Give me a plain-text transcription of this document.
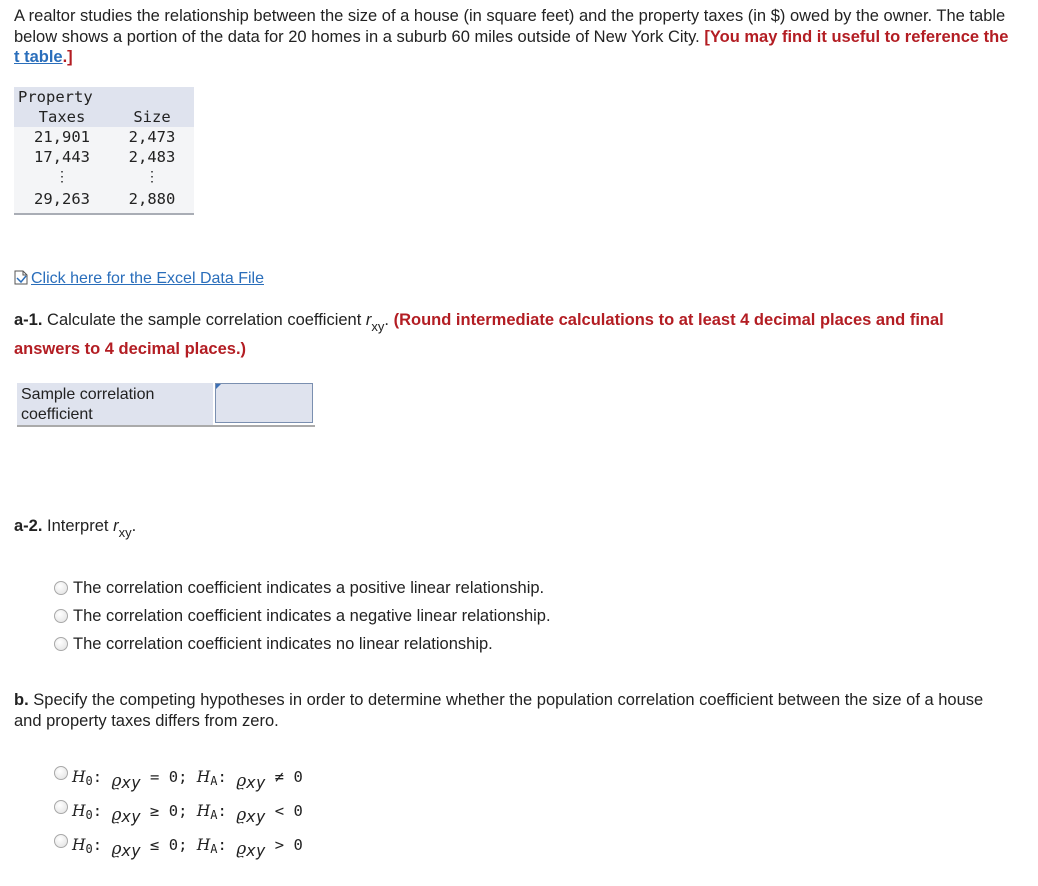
A realtor studies the relationship between the size of a house (in square feet) and the property taxes (in $) owed by the owner. The table below shows a portion of the data for 20 homes in a suburb 60 miles outside of New York City. [You may find it useful to reference the t table.]
Property
Taxes	Size
21,901	2,473
17,443	2,483
⋮	⋮
29,263	2,880
Click here for the Excel Data File
a-1. Calculate the sample correlation coefficient $r_{xy}$. (Round intermediate calculations to at least 4 decimal places and final answers to 4 decimal places.)
Sample correlation coefficient
a-2. Interpret $r_{xy}$.
The correlation coefficient indicates a positive linear relationship.
The correlation coefficient indicates a negative linear relationship.
The correlation coefficient indicates no linear relationship.
b. Specify the competing hypotheses in order to determine whether the population correlation coefficient between the size of a house and property taxes differs from zero.
H0: ϱxy = 0; HA: ϱxy ≠ 0
H0: ϱxy ≥ 0; HA: ϱxy < 0
H0: ϱxy ≤ 0; HA: ϱxy > 0
